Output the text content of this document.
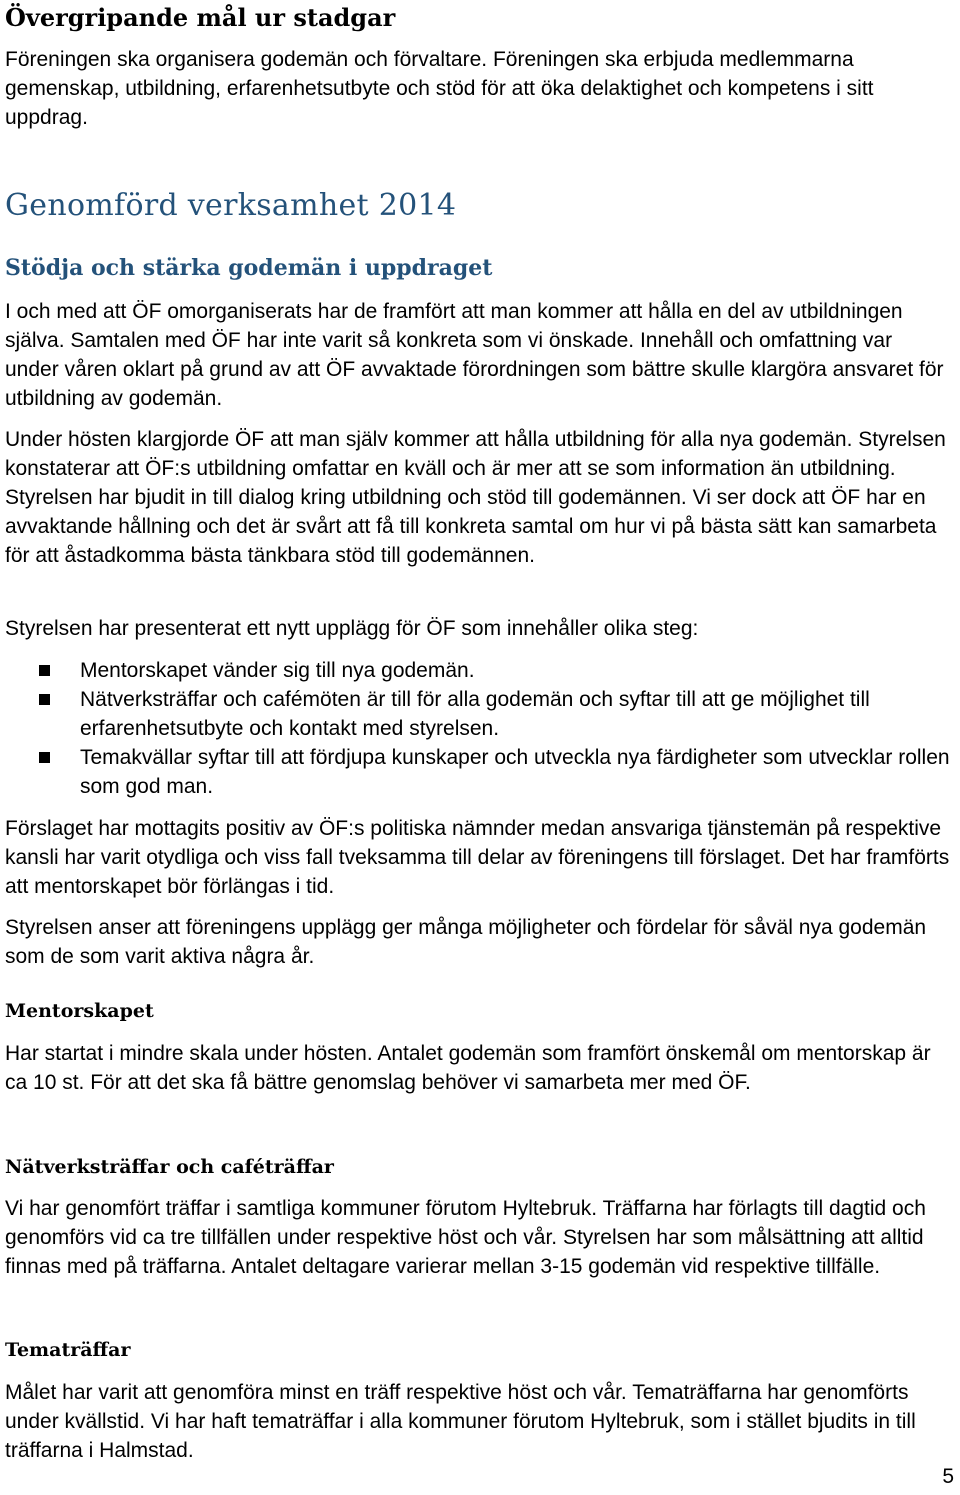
Övergripande mål ur stadgar

Föreningen ska organisera godemän och förvaltare. Föreningen ska erbjuda medlemmarna gemenskap, utbildning, erfarenhetsutbyte och stöd för att öka delaktighet och kompetens i sitt uppdrag.

Genomförd verksamhet 2014
Stödja och stärka godemän i uppdraget

I och med att ÖF omorganiserats har de framfört att man kommer att hålla en del av utbildningen själva. Samtalen med ÖF har inte varit så konkreta som vi önskade. Innehåll och omfattning var under våren oklart på grund av att ÖF avvaktade förordningen som bättre skulle klargöra ansvaret för utbildning av godemän.

Under hösten klargjorde ÖF att man själv kommer att hålla utbildning för alla nya godemän. Styrelsen konstaterar att ÖF:s utbildning omfattar en kväll och är mer att se som information än utbildning. Styrelsen har bjudit in till dialog kring utbildning och stöd till godemännen. Vi ser dock att ÖF har en avvaktande hållning och det är svårt att få till konkreta samtal om hur vi på bästa sätt kan samarbeta för att åstadkomma bästa tänkbara stöd till godemännen.

Styrelsen har presenterat ett nytt upplägg för ÖF som innehåller olika steg:

Mentorskapet vänder sig till nya godemän.
Nätverksträffar och cafémöten är till för alla godemän och syftar till att ge möjlighet till erfarenhetsutbyte och kontakt med styrelsen.
Temakvällar syftar till att fördjupa kunskaper och utveckla nya färdigheter som utvecklar rollen som god man.

Förslaget har mottagits positiv av ÖF:s politiska nämnder medan ansvariga tjänstemän på respektive kansli har varit otydliga och viss fall tveksamma till delar av föreningens till förslaget. Det har framförts att mentorskapet bör förlängas i tid.

Styrelsen anser att föreningens upplägg ger många möjligheter och fördelar för såväl nya godemän som de som varit aktiva några år.

Mentorskapet

Har startat i mindre skala under hösten. Antalet godemän som framfört önskemål om mentorskap är ca 10 st. För att det ska få bättre genomslag behöver vi samarbeta mer med ÖF.

Nätverksträffar och caféträffar

Vi har genomfört träffar i samtliga kommuner förutom Hyltebruk. Träffarna har förlagts till dagtid och genomförs vid ca tre tillfällen under respektive höst och vår. Styrelsen har som målsättning att alltid finnas med på träffarna. Antalet deltagare varierar mellan 3-15 godemän vid respektive tillfälle.

Tematräffar

Målet har varit att genomföra minst en träff respektive höst och vår. Tematräffarna har genomförts under kvällstid. Vi har haft tematräffar i alla kommuner förutom Hyltebruk, som i stället bjudits in till träffarna i Halmstad.

5
